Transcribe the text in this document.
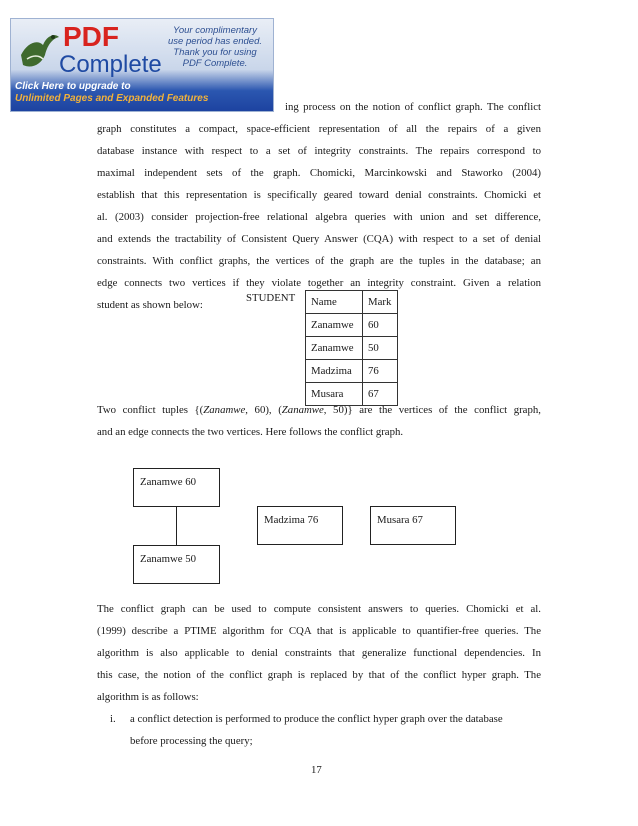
PDF
Complete
Your complimentary
use period has ended.
Thank you for using
PDF Complete.
Click Here to upgrade to
Unlimited Pages and Expanded Features

ing process on the notion of conflict graph. The conflict
graph constitutes a compact, space-efficient representation of all the repairs of a given
database instance with respect to a set of integrity constraints. The repairs correspond to
maximal independent sets of the graph. Chomicki, Marcinkowski and Staworko (2004)
establish that this representation is specifically geared toward denial constraints. Chomicki et
al. (2003) consider projection-free relational algebra queries with union and set difference,
and extends the tractability of Consistent Query Answer (CQA) with respect to a set of denial
constraints. With conflict graphs, the vertices of the graph are the tuples in the database; an
edge connects two vertices if they violate together an integrity constraint. Given a relation
student as shown below:

STUDENT Name	Mark
Zanamwe	60
Zanamwe	50
Madzima	76
Musara	67

Two conflict tuples {(Zanamwe, 60), (Zanamwe, 50)} are the vertices of the conflict graph,
and an edge connects the two vertices. Here follows the conflict graph.

Zanamwe 60
Zanamwe 50
Madzima 76	Musara 67

The conflict graph can be used to compute consistent answers to queries. Chomicki et al.
(1999) describe a PTIME algorithm for CQA that is applicable to quantifier-free queries. The
algorithm is also applicable to denial constraints that generalize functional dependencies. In
this case, the notion of the conflict graph is replaced by that of the conflict hyper graph. The
algorithm is as follows:

i. a conflict detection is performed to produce the conflict hyper graph over the database
before processing the query;
17
